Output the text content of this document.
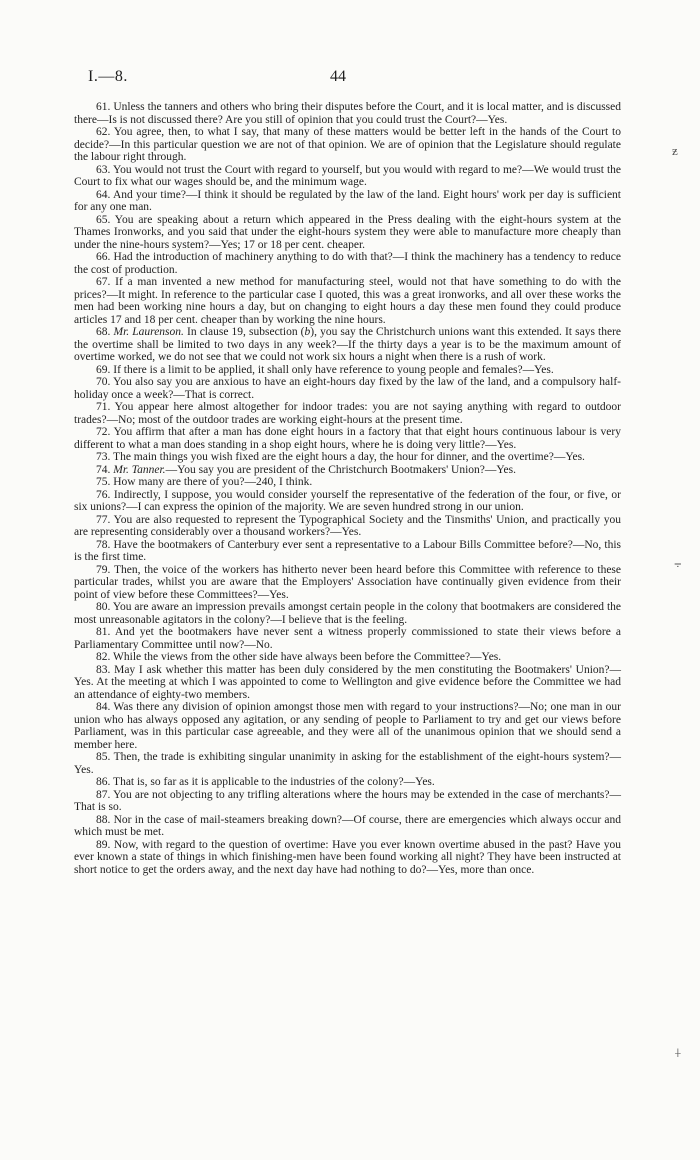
I.—8.	44

61. Unless the tanners and others who bring their disputes before the Court, and it is local matter, and is discussed there—Is is not discussed there? Are you still of opinion that you could trust the Court?—Yes.

62. You agree, then, to what I say, that many of these matters would be better left in the hands of the Court to decide?—In this particular question we are not of that opinion. We are of opinion that the Legislature should regulate the labour right through.

63. You would not trust the Court with regard to yourself, but you would with regard to me?—We would trust the Court to fix what our wages should be, and the minimum wage.

64. And your time?—I think it should be regulated by the law of the land. Eight hours' work per day is sufficient for any one man.

65. You are speaking about a return which appeared in the Press dealing with the eight-hours system at the Thames Ironworks, and you said that under the eight-hours system they were able to manufacture more cheaply than under the nine-hours system?—Yes; 17 or 18 per cent. cheaper.

66. Had the introduction of machinery anything to do with that?—I think the machinery has a tendency to reduce the cost of production.

67. If a man invented a new method for manufacturing steel, would not that have something to do with the prices?—It might. In reference to the particular case I quoted, this was a great ironworks, and all over these works the men had been working nine hours a day, but on changing to eight hours a day these men found they could produce articles 17 and 18 per cent. cheaper than by working the nine hours.

68. Mr. Laurenson. In clause 19, subsection (b), you say the Christchurch unions want this extended. It says there the overtime shall be limited to two days in any week?—If the thirty days a year is to be the maximum amount of overtime worked, we do not see that we could not work six hours a night when there is a rush of work.

69. If there is a limit to be applied, it shall only have reference to young people and females?—Yes.

70. You also say you are anxious to have an eight-hours day fixed by the law of the land, and a compulsory half-holiday once a week?—That is correct.

71. You appear here almost altogether for indoor trades: you are not saying anything with regard to outdoor trades?—No; most of the outdoor trades are working eight-hours at the present time.

72. You affirm that after a man has done eight hours in a factory that that eight hours continuous labour is very different to what a man does standing in a shop eight hours, where he is doing very little?—Yes.

73. The main things you wish fixed are the eight hours a day, the hour for dinner, and the overtime?—Yes.

74. Mr. Tanner.—You say you are president of the Christchurch Bootmakers' Union?—Yes.

75. How many are there of you?—240, I think.

76. Indirectly, I suppose, you would consider yourself the representative of the federation of the four, or five, or six unions?—I can express the opinion of the majority. We are seven hundred strong in our union.

77. You are also requested to represent the Typographical Society and the Tinsmiths' Union, and practically you are representing considerably over a thousand workers?—Yes.

78. Have the bootmakers of Canterbury ever sent a representative to a Labour Bills Committee before?—No, this is the first time.

79. Then, the voice of the workers has hitherto never been heard before this Committee with reference to these particular trades, whilst you are aware that the Employers' Association have continually given evidence from their point of view before these Committees?—Yes.

80. You are aware an impression prevails amongst certain people in the colony that bootmakers are considered the most unreasonable agitators in the colony?—I believe that is the feeling.

81. And yet the bootmakers have never sent a witness properly commissioned to state their views before a Parliamentary Committee until now?—No.

82. While the views from the other side have always been before the Committee?—Yes.

83. May I ask whether this matter has been duly considered by the men constituting the Bootmakers' Union?—Yes. At the meeting at which I was appointed to come to Wellington and give evidence before the Committee we had an attendance of eighty-two members.

84. Was there any division of opinion amongst those men with regard to your instructions?—No; one man in our union who has always opposed any agitation, or any sending of people to Parliament to try and get our views before Parliament, was in this particular case agreeable, and they were all of the unanimous opinion that we should send a member here.

85. Then, the trade is exhibiting singular unanimity in asking for the establishment of the eight-hours system?—Yes.

86. That is, so far as it is applicable to the industries of the colony?—Yes.

87. You are not objecting to any trifling alterations where the hours may be extended in the case of merchants?—That is so.

88. Nor in the case of mail-steamers breaking down?—Of course, there are emergencies which always occur and which must be met.

89. Now, with regard to the question of overtime: Have you ever known overtime abused in the past? Have you ever known a state of things in which finishing-men have been found working all night? They have been instructed at short notice to get the orders away, and the next day have had nothing to do?—Yes, more than once.

ƶ
⨪
⍭
